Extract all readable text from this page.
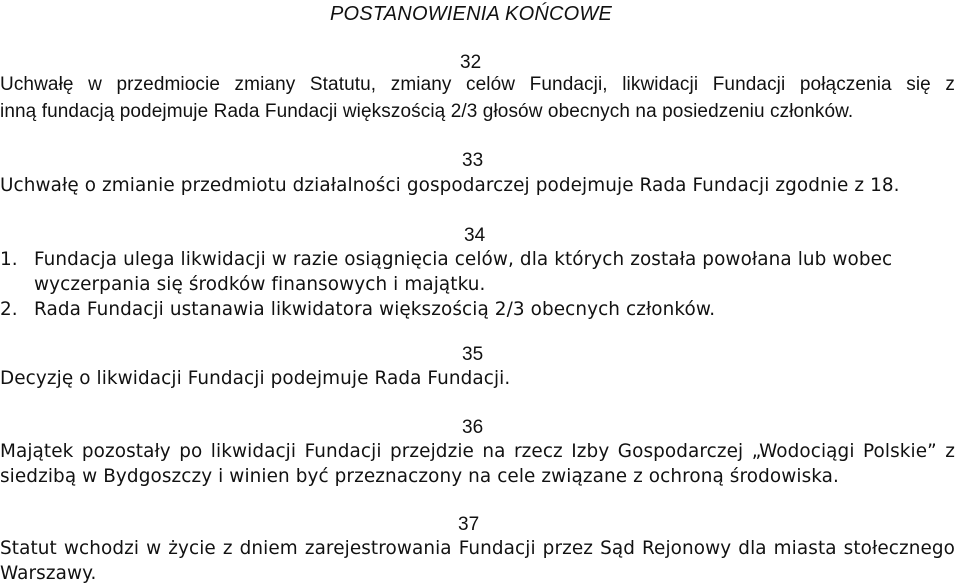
POSTANOWIENIA KOŃCOWE
32
Uchwałę w przedmiocie zmiany Statutu, zmiany celów Fundacji, likwidacji Fundacji połączenia się z
inną fundacją podejmuje Rada Fundacji większością 2/3 głosów obecnych na posiedzeniu członków.
33
Uchwałę o zmianie przedmiotu działalności gospodarczej podejmuje Rada Fundacji zgodnie z 18.
34
1. Fundacja ulega likwidacji w razie osiągnięcia celów, dla których została powołana lub wobec
wyczerpania się środków finansowych i majątku.
2. Rada Fundacji ustanawia likwidatora większością 2/3 obecnych członków.
35
Decyzję o likwidacji Fundacji podejmuje Rada Fundacji.
36
Majątek pozostały po likwidacji Fundacji przejdzie na rzecz Izby Gospodarczej „Wodociągi Polskie” z
siedzibą w Bydgoszczy i winien być przeznaczony na cele związane z ochroną środowiska.
37
Statut wchodzi w życie z dniem zarejestrowania Fundacji przez Sąd Rejonowy dla miasta stołecznego
Warszawy.
